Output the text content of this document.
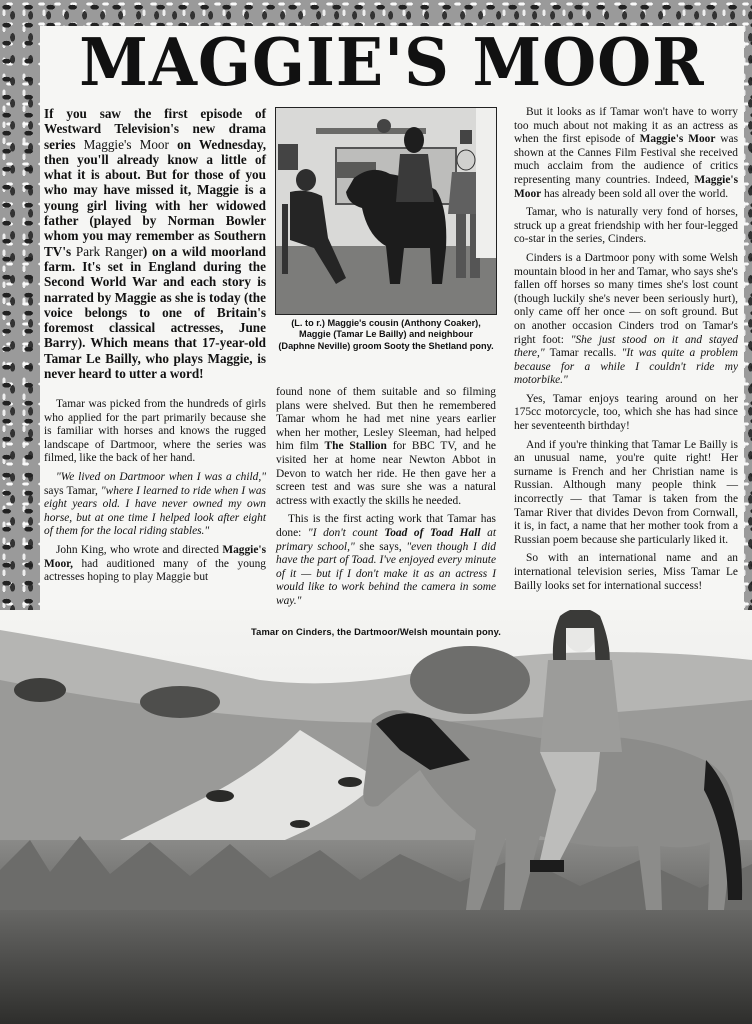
MAGGIE'S MOOR

If you saw the first episode of Westward Television's new drama series Maggie's Moor on Wednesday, then you'll already know a little of what it is about. But for those of you who may have missed it, Maggie is a young girl living with her widowed father (played by Norman Bowler whom you may remember as Southern TV's Park Ranger) on a wild moorland farm. It's set in England during the Second World War and each story is narrated by Maggie as she is today (the voice belongs to one of Britain's foremost classical actresses, June Barry). Which means that 17-year-old Tamar Le Bailly, who plays Maggie, is never heard to utter a word!

(L. to r.) Maggie's cousin (Anthony Coaker),
Maggie (Tamar Le Bailly) and neighbour
(Daphne Neville) groom Sooty the Shetland pony.

Tamar was picked from the hundreds of girls who applied for the part primarily because she is familiar with horses and knows the rugged landscape of Dartmoor, where the series was filmed, like the back of her hand.

"We lived on Dartmoor when I was a child," says Tamar, "where I learned to ride when I was eight years old. I have never owned my own horse, but at one time I helped look after eight of them for the local riding stables."

John King, who wrote and directed Maggie's Moor, had auditioned many of the young actresses hoping to play Maggie but

found none of them suitable and so filming plans were shelved. But then he remembered Tamar whom he had met nine years earlier when her mother, Lesley Sleeman, had helped him film The Stallion for BBC TV, and he visited her at home near Newton Abbot in Devon to watch her ride. He then gave her a screen test and was sure she was a natural actress with exactly the skills he needed.

This is the first acting work that Tamar has done: "I don't count Toad of Toad Hall at primary school," she says, "even though I did have the part of Toad. I've enjoyed every minute of it — but if I don't make it as an actress I would like to work behind the camera in some way."

But it looks as if Tamar won't have to worry too much about not making it as an actress as when the first episode of Maggie's Moor was shown at the Cannes Film Festival she received much acclaim from the audience of critics representing many countries. Indeed, Maggie's Moor has already been sold all over the world.

Tamar, who is naturally very fond of horses, struck up a great friendship with her four-legged co-star in the series, Cinders.

Cinders is a Dartmoor pony with some Welsh mountain blood in her and Tamar, who says she's fallen off horses so many times she's lost count (though luckily she's never been seriously hurt), only came off her once — on soft ground. But on another occasion Cinders trod on Tamar's right foot: "She just stood on it and stayed there," Tamar recalls. "It was quite a problem because for a while I couldn't ride my motorbike."

Yes, Tamar enjoys tearing around on her 175cc motorcycle, too, which she has had since her seventeenth birthday!

And if you're thinking that Tamar Le Bailly is an unusual name, you're quite right! Her surname is French and her Christian name is Russian. Although many people think — incorrectly — that Tamar is taken from the Tamar River that divides Devon from Cornwall, it is, in fact, a name that her mother took from a Russian poem because she particularly liked it.

So with an international name and an international television series, Miss Tamar Le Bailly looks set for international success!

Tamar on Cinders, the Dartmoor/Welsh mountain pony.
